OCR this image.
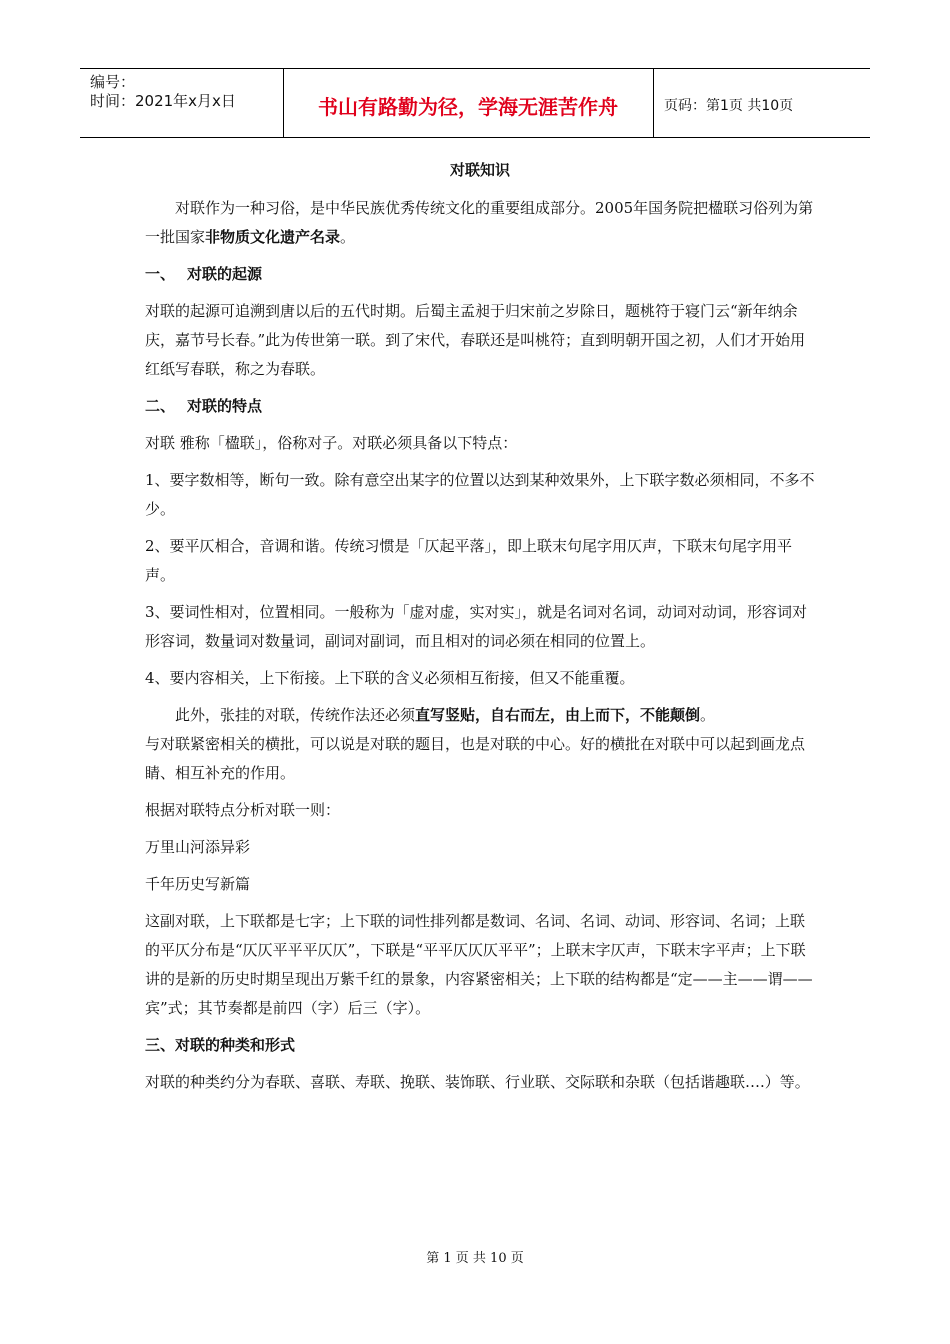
编号：
时间：2021年x月x日	书山有路勤为径，学海无涯苦作舟	页码：第1页 共10页
对联知识

对联作为一种习俗，是中华民族优秀传统文化的重要组成部分。2005年国务院把楹联习俗列为第一批国家非物质文化遗产名录。

一、 对联的起源

对联的起源可追溯到唐以后的五代时期。后蜀主孟昶于归宋前之岁除日，题桃符于寝门云“新年纳余庆，嘉节号长春。”此为传世第一联。到了宋代，春联还是叫桃符；直到明朝开国之初，人们才开始用红纸写春联，称之为春联。

二、 对联的特点

对联 雅称「楹联」，俗称对子。对联必须具备以下特点：

1、要字数相等，断句一致。除有意空出某字的位置以达到某种效果外，上下联字数必须相同，不多不少。

2、要平仄相合，音调和谐。传统习惯是「仄起平落」，即上联末句尾字用仄声，下联末句尾字用平声。

3、要词性相对，位置相同。一般称为「虚对虚，实对实」，就是名词对名词，动词对动词，形容词对形容词，数量词对数量词，副词对副词，而且相对的词必须在相同的位置上。

4、要内容相关，上下衔接。上下联的含义必须相互衔接，但又不能重覆。

此外，张挂的对联，传统作法还必须直写竖贴，自右而左，由上而下，不能颠倒。

与对联紧密相关的横批，可以说是对联的题目，也是对联的中心。好的横批在对联中可以起到画龙点睛、相互补充的作用。

根据对联特点分析对联一则：

万里山河添异彩

千年历史写新篇

这副对联，上下联都是七字；上下联的词性排列都是数词、名词、名词、动词、形容词、名词；上联的平仄分布是“仄仄平平平仄仄”，下联是“平平仄仄仄平平”；上联末字仄声，下联末字平声；上下联讲的是新的历史时期呈现出万紫千红的景象，内容紧密相关；上下联的结构都是“定——主——谓——宾”式；其节奏都是前四（字）后三（字）。

三、对联的种类和形式

对联的种类约分为春联、喜联、寿联、挽联、装饰联、行业联、交际联和杂联（包括谐趣联….）等。

第 1 页 共 10 页
